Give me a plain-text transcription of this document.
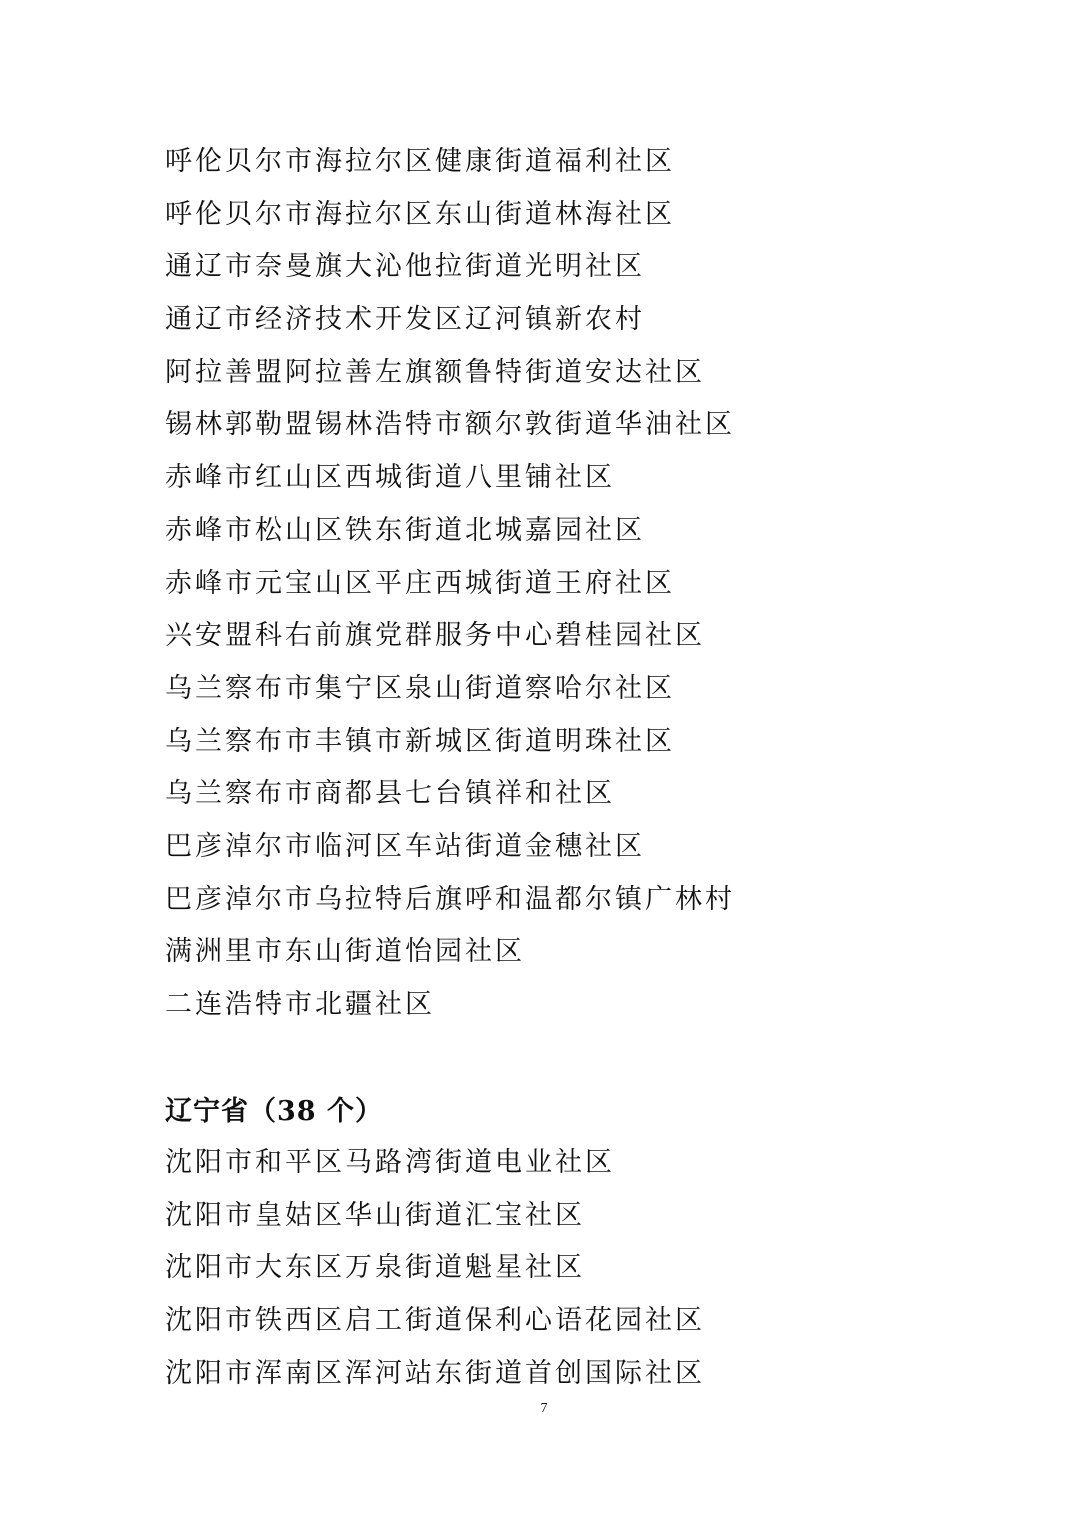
呼伦贝尔市海拉尔区健康街道福利社区
呼伦贝尔市海拉尔区东山街道林海社区
通辽市奈曼旗大沁他拉街道光明社区
通辽市经济技术开发区辽河镇新农村
阿拉善盟阿拉善左旗额鲁特街道安达社区
锡林郭勒盟锡林浩特市额尔敦街道华油社区
赤峰市红山区西城街道八里铺社区
赤峰市松山区铁东街道北城嘉园社区
赤峰市元宝山区平庄西城街道王府社区
兴安盟科右前旗党群服务中心碧桂园社区
乌兰察布市集宁区泉山街道察哈尔社区
乌兰察布市丰镇市新城区街道明珠社区
乌兰察布市商都县七台镇祥和社区
巴彦淖尔市临河区车站街道金穗社区
巴彦淖尔市乌拉特后旗呼和温都尔镇广林村
满洲里市东山街道怡园社区
二连浩特市北疆社区
辽宁省（38 个）
沈阳市和平区马路湾街道电业社区
沈阳市皇姑区华山街道汇宝社区
沈阳市大东区万泉街道魁星社区
沈阳市铁西区启工街道保利心语花园社区
沈阳市浑南区浑河站东街道首创国际社区
7
